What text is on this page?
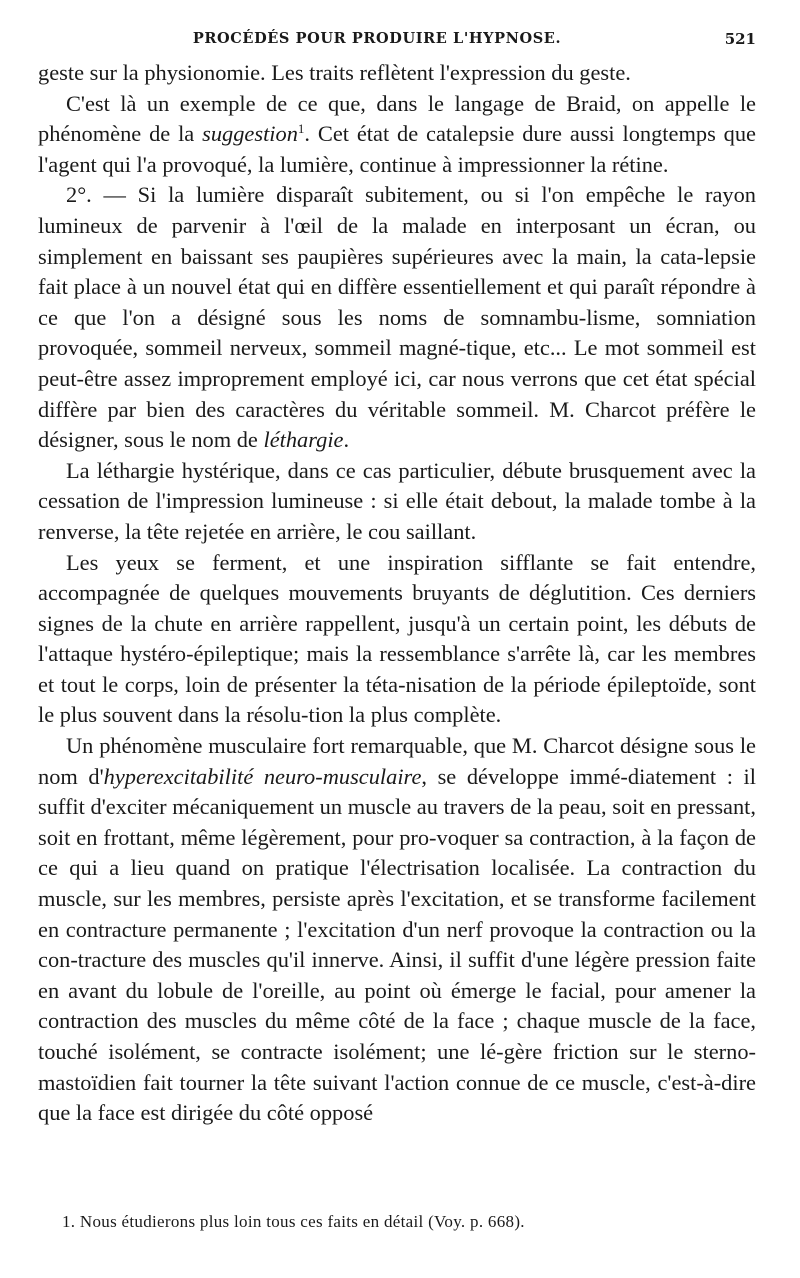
PROCÉDÉS POUR PRODUIRE L'HYPNOSE.	521

geste sur la physionomie. Les traits reflètent l'expression du geste.

C'est là un exemple de ce que, dans le langage de Braid, on appelle le phénomène de la suggestion$^1$. Cet état de catalepsie dure aussi longtemps que l'agent qui l'a provoqué, la lumière, continue à impressionner la rétine.

2°. — Si la lumière disparaît subitement, ou si l'on empêche le rayon lumineux de parvenir à l'œil de la malade en interposant un écran, ou simplement en baissant ses paupières supérieures avec la main, la cata-lepsie fait place à un nouvel état qui en diffère essentiellement et qui paraît répondre à ce que l'on a désigné sous les noms de somnambu-lisme, somniation provoquée, sommeil nerveux, sommeil magné-tique, etc... Le mot sommeil est peut-être assez improprement employé ici, car nous verrons que cet état spécial diffère par bien des caractères du véritable sommeil. M. Charcot préfère le désigner, sous le nom de léthargie.

La léthargie hystérique, dans ce cas particulier, débute brusquement avec la cessation de l'impression lumineuse : si elle était debout, la malade tombe à la renverse, la tête rejetée en arrière, le cou saillant.

Les yeux se ferment, et une inspiration sifflante se fait entendre, accompagnée de quelques mouvements bruyants de déglutition. Ces derniers signes de la chute en arrière rappellent, jusqu'à un certain point, les débuts de l'attaque hystéro-épileptique; mais la ressemblance s'arrête là, car les membres et tout le corps, loin de présenter la téta-nisation de la période épileptoïde, sont le plus souvent dans la résolu-tion la plus complète.

Un phénomène musculaire fort remarquable, que M. Charcot désigne sous le nom d'hyperexcitabilité neuro-musculaire, se développe immé-diatement : il suffit d'exciter mécaniquement un muscle au travers de la peau, soit en pressant, soit en frottant, même légèrement, pour pro-voquer sa contraction, à la façon de ce qui a lieu quand on pratique l'électrisation localisée. La contraction du muscle, sur les membres, persiste après l'excitation, et se transforme facilement en contracture permanente ; l'excitation d'un nerf provoque la contraction ou la con-tracture des muscles qu'il innerve. Ainsi, il suffit d'une légère pression faite en avant du lobule de l'oreille, au point où émerge le facial, pour amener la contraction des muscles du même côté de la face ; chaque muscle de la face, touché isolément, se contracte isolément; une lé-gère friction sur le sterno-mastoïdien fait tourner la tête suivant l'action connue de ce muscle, c'est-à-dire que la face est dirigée du côté opposé

1. Nous étudierons plus loin tous ces faits en détail (Voy. p. 668).
